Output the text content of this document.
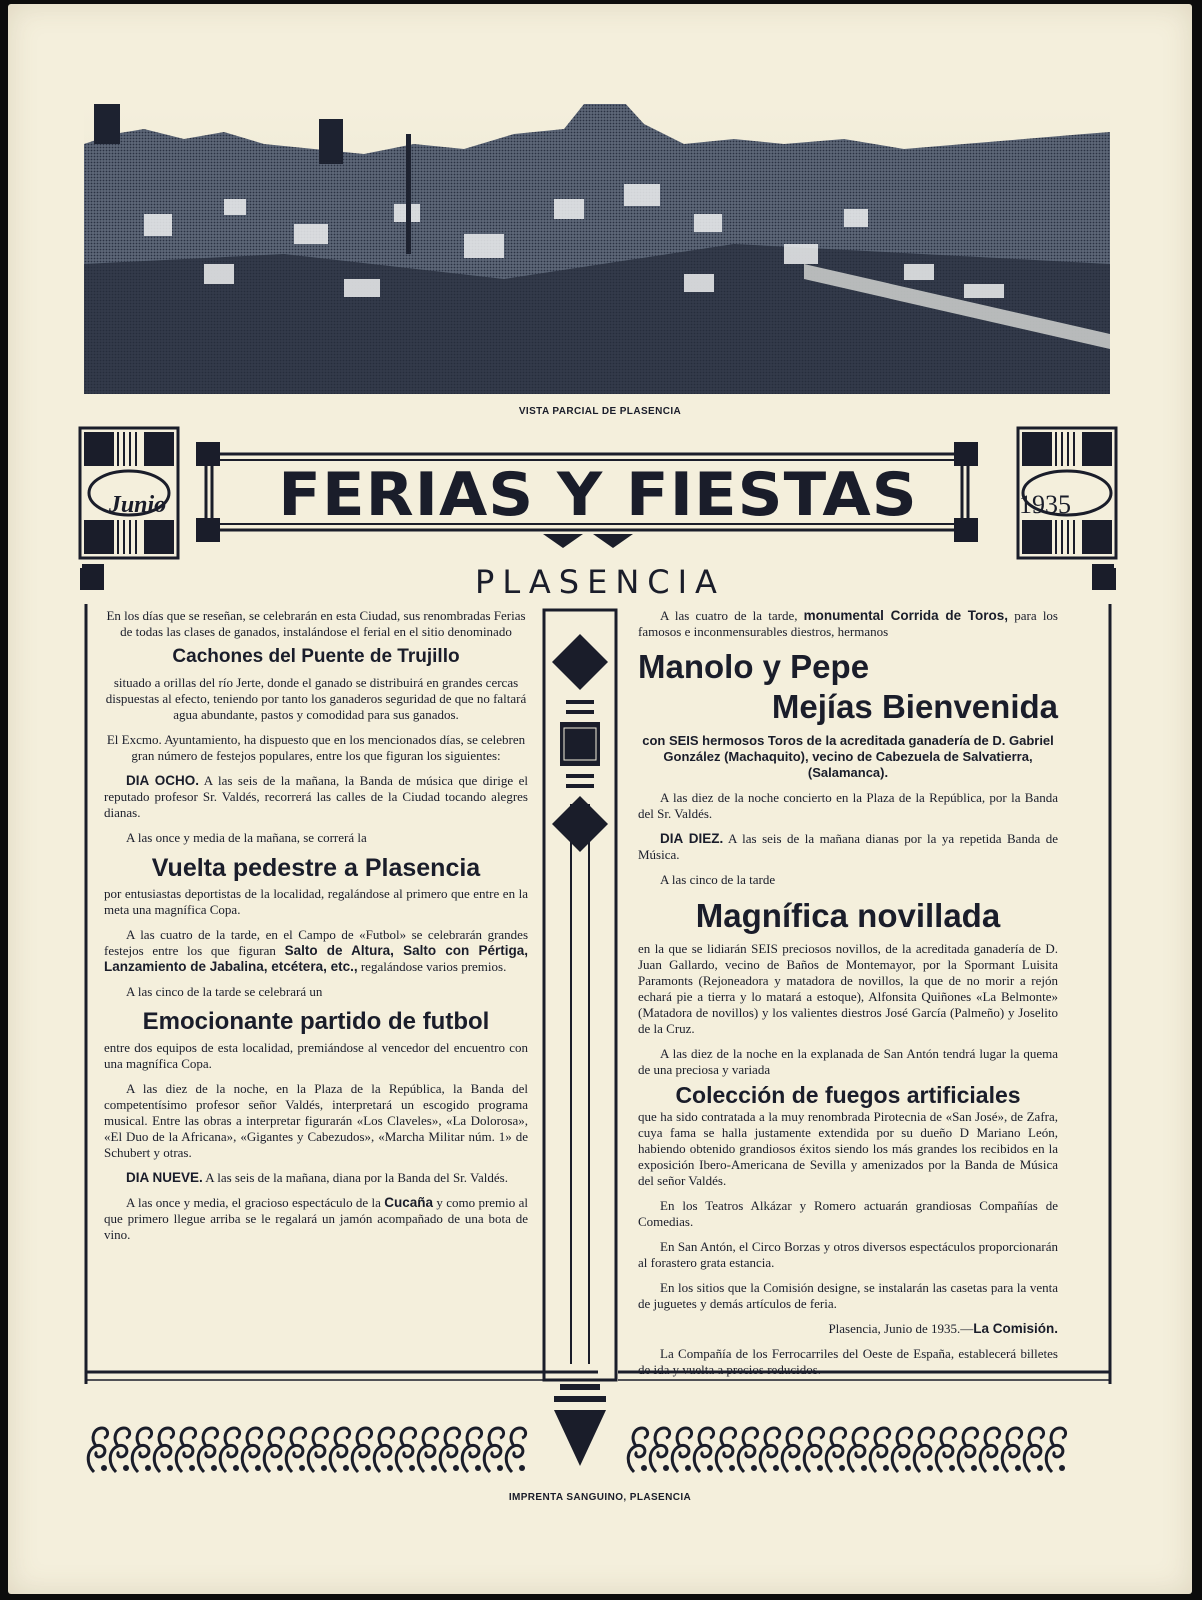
VISTA PARCIAL DE PLASENCIA
Junio	FERIAS Y FIESTAS	1935
PLASENCIA

En los días que se reseñan, se celebrarán en esta Ciudad, sus renombradas Ferias de todas las clases de ganados, instalándose el ferial en el sitio denominado

Cachones del Puente de Trujillo

situado a orillas del río Jerte, donde el ganado se distribuirá en grandes cercas dispuestas al efecto, teniendo por tanto los ganaderos seguridad de que no faltará agua abundante, pastos y comodidad para sus ganados.

El Excmo. Ayuntamiento, ha dispuesto que en los mencionados días, se celebren gran número de festejos populares, entre los que figuran los siguientes:

DIA OCHO. A las seis de la mañana, la Banda de música que dirige el reputado profesor Sr. Valdés, recorrerá las calles de la Ciudad tocando alegres dianas.

A las once y media de la mañana, se correrá la

Vuelta pedestre a Plasencia

por entusiastas deportistas de la localidad, regalándose al primero que entre en la meta una magnífica Copa.

A las cuatro de la tarde, en el Campo de «Futbol» se celebrarán grandes festejos entre los que figuran Salto de Altura, Salto con Pértiga, Lanzamiento de Jabalina, etcétera, etc., regalándose varios premios.

A las cinco de la tarde se celebrará un

Emocionante partido de futbol

entre dos equipos de esta localidad, premiándose al vencedor del encuentro con una magnífica Copa.

A las diez de la noche, en la Plaza de la República, la Banda del competentísimo profesor señor Valdés, interpretará un escogido programa musical. Entre las obras a interpretar figurarán «Los Claveles», «La Dolorosa», «El Duo de la Africana», «Gigantes y Cabezudos», «Marcha Militar núm. 1» de Schubert y otras.

DIA NUEVE. A las seis de la mañana, diana por la Banda del Sr. Valdés.

A las once y media, el gracioso espectáculo de la Cucaña y como premio al que primero llegue arriba se le regalará un jamón acompañado de una bota de vino.

A las cuatro de la tarde, monumental Corrida de Toros, para los famosos e inconmensurables diestros, hermanos

Manolo y Pepe
Mejías Bienvenida

con SEIS hermosos Toros de la acreditada ganadería de D. Gabriel González (Machaquito), vecino de Cabezuela de Salvatierra, (Salamanca).

A las diez de la noche concierto en la Plaza de la República, por la Banda del Sr. Valdés.

DIA DIEZ. A las seis de la mañana dianas por la ya repetida Banda de Música.

A las cinco de la tarde

Magnífica novillada

en la que se lidiarán SEIS preciosos novillos, de la acreditada ganadería de D. Juan Gallardo, vecino de Baños de Montemayor, por la Spormant Luisita Paramonts (Rejoneadora y matadora de novillos, la que de no morir a rejón echará pie a tierra y lo matará a estoque), Alfonsita Quiñones «La Belmonte» (Matadora de novillos) y los valientes diestros José García (Palmeño) y Joselito de la Cruz.

A las diez de la noche en la explanada de San Antón tendrá lugar la quema de una preciosa y variada

Colección de fuegos artificiales

que ha sido contratada a la muy renombrada Pirotecnia de «San José», de Zafra, cuya fama se halla justamente extendida por su dueño D Mariano León, habiendo obtenido grandiosos éxitos siendo los más grandes los recibidos en la exposición Ibero-Americana de Sevilla y amenizados por la Banda de Música del señor Valdés.

En los Teatros Alkázar y Romero actuarán grandiosas Compañías de Comedias.

En San Antón, el Circo Borzas y otros diversos espectáculos proporcionarán al forastero grata estancia.

En los sitios que la Comisión designe, se instalarán las casetas para la venta de juguetes y demás artículos de feria.

Plasencia, Junio de 1935.—La Comisión.

La Compañía de los Ferrocarriles del Oeste de España, establecerá billetes de ida y vuelta a precios reducidos.

IMPRENTA SANGUINO, PLASENCIA
